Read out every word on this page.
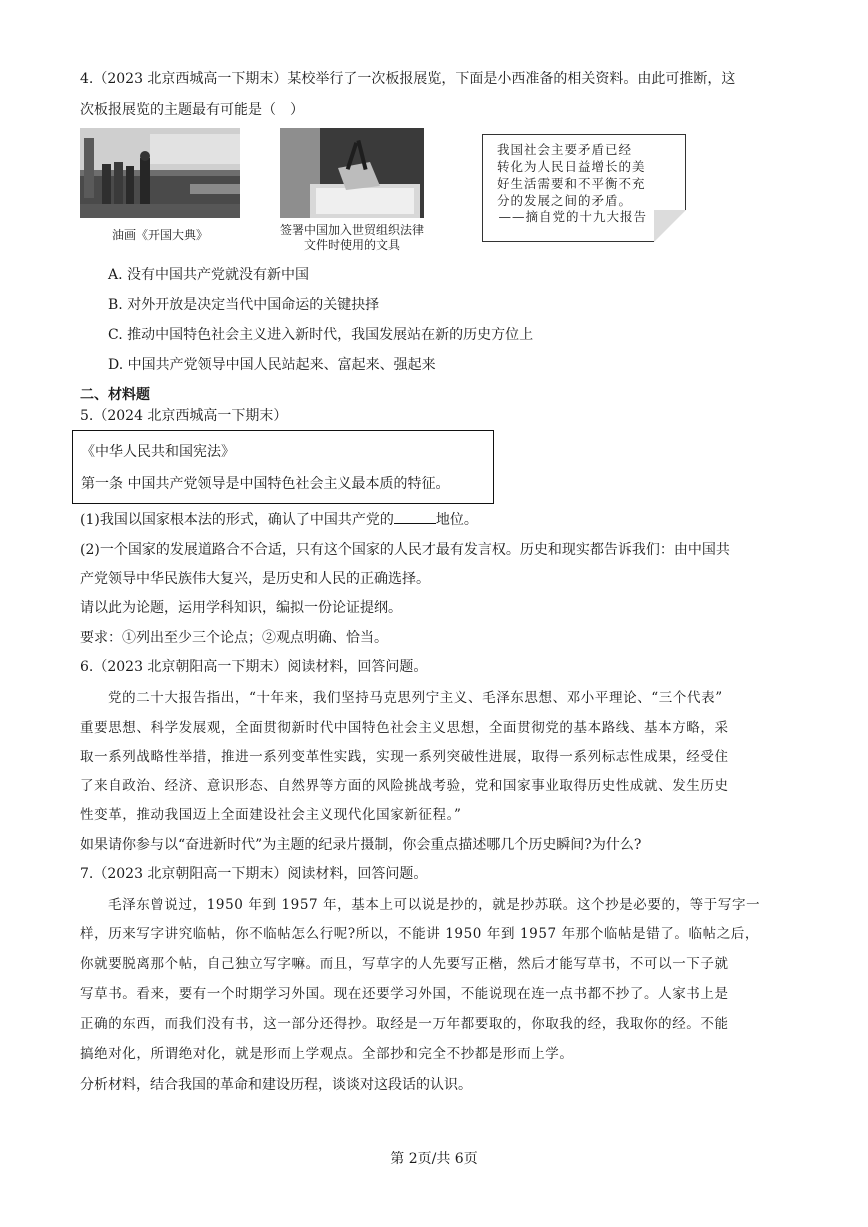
4.（2023 北京西城高一下期末）某校举行了一次板报展览，下面是小西准备的相关资料。由此可推断，这
次板报展览的主题最有可能是（　）
油画《开国大典》	签署中国加入世贸组织法律
文件时使用的文具
我国社会主要矛盾已经
转化为人民日益增长的美
好生活需要和不平衡不充
分的发展之间的矛盾。
——摘自党的十九大报告
A. 没有中国共产党就没有新中国
B. 对外开放是决定当代中国命运的关键抉择
C. 推动中国特色社会主义进入新时代，我国发展站在新的历史方位上
D. 中国共产党领导中国人民站起来、富起来、强起来
二、材料题
5.（2024 北京西城高一下期末）
《中华人民共和国宪法》
第一条 中国共产党领导是中国特色社会主义最本质的特征。
(1)我国以国家根本法的形式，确认了中国共产党的	地位。
(2)一个国家的发展道路合不合适，只有这个国家的人民才最有发言权。历史和现实都告诉我们：由中国共
产党领导中华民族伟大复兴，是历史和人民的正确选择。
请以此为论题，运用学科知识，编拟一份论证提纲。
要求：①列出至少三个论点；②观点明确、恰当。
6.（2023 北京朝阳高一下期末）阅读材料，回答问题。
党的二十大报告指出，“十年来，我们坚持马克思列宁主义、毛泽东思想、邓小平理论、“三个代表”
重要思想、科学发展观，全面贯彻新时代中国特色社会主义思想，全面贯彻党的基本路线、基本方略，采
取一系列战略性举措，推进一系列变革性实践，实现一系列突破性进展，取得一系列标志性成果，经受住
了来自政治、经济、意识形态、自然界等方面的风险挑战考验，党和国家事业取得历史性成就、发生历史
性变革，推动我国迈上全面建设社会主义现代化国家新征程。”
如果请你参与以“奋进新时代”为主题的纪录片摄制，你会重点描述哪几个历史瞬间?为什么?
7.（2023 北京朝阳高一下期末）阅读材料，回答问题。
毛泽东曾说过，1950 年到 1957 年，基本上可以说是抄的，就是抄苏联。这个抄是必要的，等于写字一
样，历来写字讲究临帖，你不临帖怎么行呢?所以，不能讲 1950 年到 1957 年那个临帖是错了。临帖之后，
你就要脱离那个帖，自己独立写字嘛。而且，写草字的人先要写正楷，然后才能写草书，不可以一下子就
写草书。看来，要有一个时期学习外国。现在还要学习外国，不能说现在连一点书都不抄了。人家书上是
正确的东西，而我们没有书，这一部分还得抄。取经是一万年都要取的，你取我的经，我取你的经。不能
搞绝对化，所谓绝对化，就是形而上学观点。全部抄和完全不抄都是形而上学。
分析材料，结合我国的革命和建设历程，谈谈对这段话的认识。
第 2页/共 6页
